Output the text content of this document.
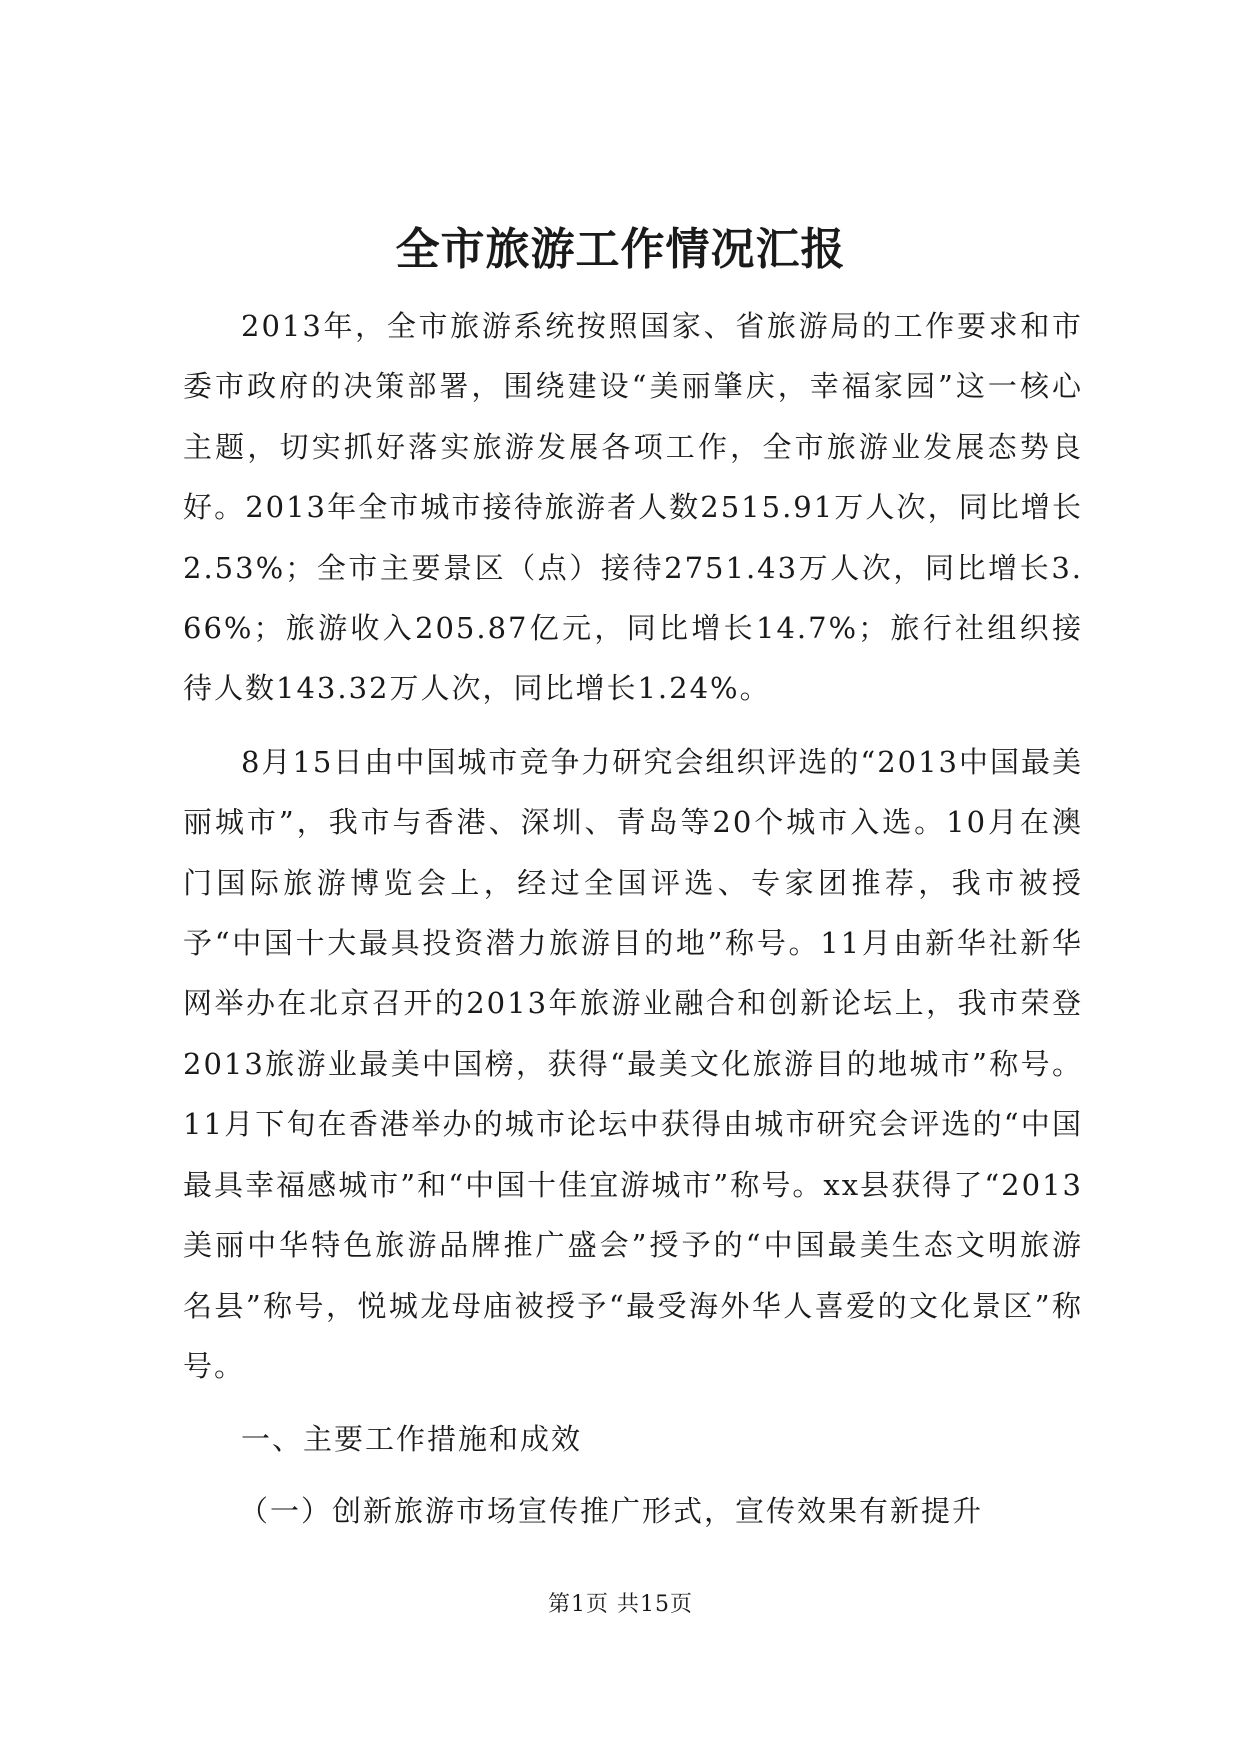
全市旅游工作情况汇报

2013年，全市旅游系统按照国家、省旅游局的工作要求和市委市政府的决策部署，围绕建设“美丽肇庆，幸福家园”这一核心主题，切实抓好落实旅游发展各项工作，全市旅游业发展态势良好。2013年全市城市接待旅游者人数2515.91万人次，同比增长2.53%；全市主要景区（点）接待2751.43万人次，同比增长3.66%；旅游收入205.87亿元，同比增长14.7%；旅行社组织接待人数143.32万人次，同比增长1.24%。

8月15日由中国城市竞争力研究会组织评选的“2013中国最美丽城市”，我市与香港、深圳、青岛等20个城市入选。10月在澳门国际旅游博览会上，经过全国评选、专家团推荐，我市被授予“中国十大最具投资潜力旅游目的地”称号。11月由新华社新华网举办在北京召开的2013年旅游业融合和创新论坛上，我市荣登2013旅游业最美中国榜，获得“最美文化旅游目的地城市”称号。11月下旬在香港举办的城市论坛中获得由城市研究会评选的“中国最具幸福感城市”和“中国十佳宜游城市”称号。xx县获得了“2013美丽中华特色旅游品牌推广盛会”授予的“中国最美生态文明旅游名县”称号，悦城龙母庙被授予“最受海外华人喜爱的文化景区”称号。

一、主要工作措施和成效

（一）创新旅游市场宣传推广形式，宣传效果有新提升

第1页 共15页
